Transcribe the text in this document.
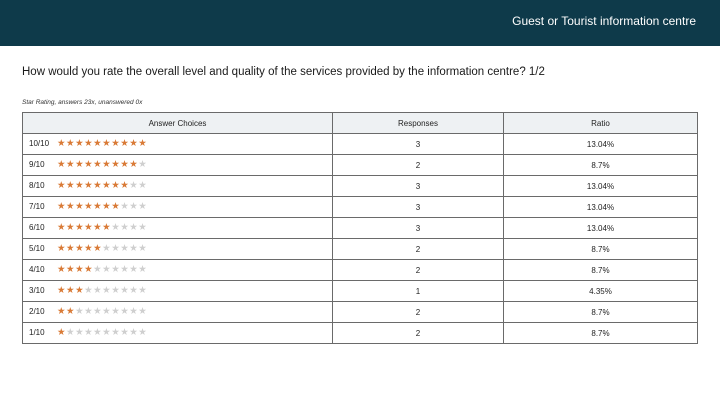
Guest or Tourist information centre
How would you rate the overall level and quality of the services provided by the information centre? 1/2
Star Rating, answers 23x, unanswered 0x
Answer Choices	Responses	Ratio
10/10 ★★★★★★★★★★	3	13.04%
9/10 ★★★★★★★★★★	2	8.7%
8/10 ★★★★★★★★★★	3	13.04%
7/10 ★★★★★★★★★★	3	13.04%
6/10 ★★★★★★★★★★	3	13.04%
5/10 ★★★★★★★★★★	2	8.7%
4/10 ★★★★★★★★★★	2	8.7%
3/10 ★★★★★★★★★★	1	4.35%
2/10 ★★★★★★★★★★	2	8.7%
1/10 ★★★★★★★★★★	2	8.7%
